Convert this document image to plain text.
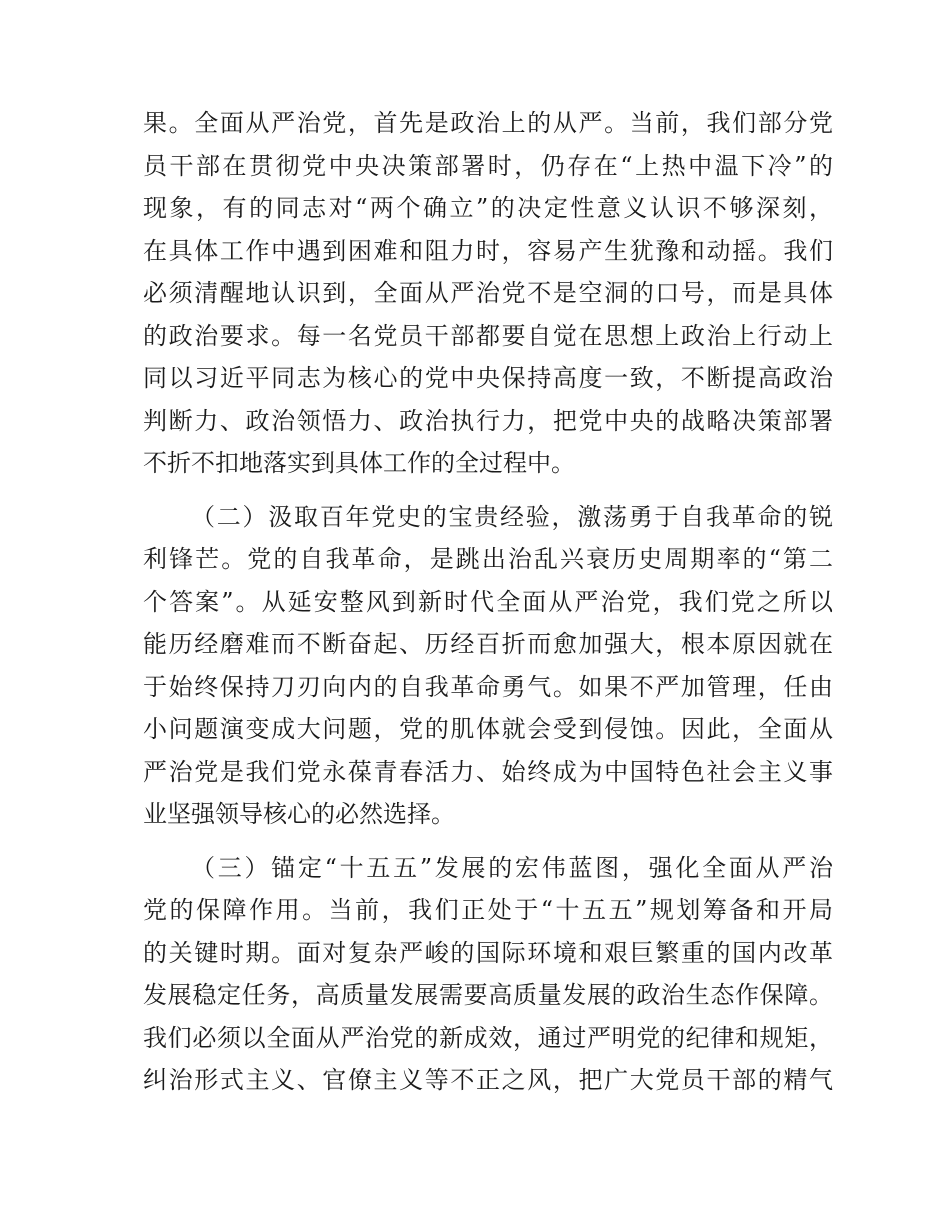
果。全面从严治党，首先是政治上的从严。当前，我们部分党
员干部在贯彻党中央决策部署时，仍存在“上热中温下冷”的
现象，有的同志对“两个确立”的决定性意义认识不够深刻，
在具体工作中遇到困难和阻力时，容易产生犹豫和动摇。我们
必须清醒地认识到，全面从严治党不是空洞的口号，而是具体
的政治要求。每一名党员干部都要自觉在思想上政治上行动上
同以习近平同志为核心的党中央保持高度一致，不断提高政治
判断力、政治领悟力、政治执行力，把党中央的战略决策部署
不折不扣地落实到具体工作的全过程中。
（二）汲取百年党史的宝贵经验，激荡勇于自我革命的锐
利锋芒。党的自我革命，是跳出治乱兴衰历史周期率的“第二
个答案”。从延安整风到新时代全面从严治党，我们党之所以
能历经磨难而不断奋起、历经百折而愈加强大，根本原因就在
于始终保持刀刃向内的自我革命勇气。如果不严加管理，任由
小问题演变成大问题，党的肌体就会受到侵蚀。因此，全面从
严治党是我们党永葆青春活力、始终成为中国特色社会主义事
业坚强领导核心的必然选择。
（三）锚定“十五五”发展的宏伟蓝图，强化全面从严治
党的保障作用。当前，我们正处于“十五五”规划筹备和开局
的关键时期。面对复杂严峻的国际环境和艰巨繁重的国内改革
发展稳定任务，高质量发展需要高质量发展的政治生态作保障。
我们必须以全面从严治党的新成效，通过严明党的纪律和规矩，
纠治形式主义、官僚主义等不正之风，把广大党员干部的精气
